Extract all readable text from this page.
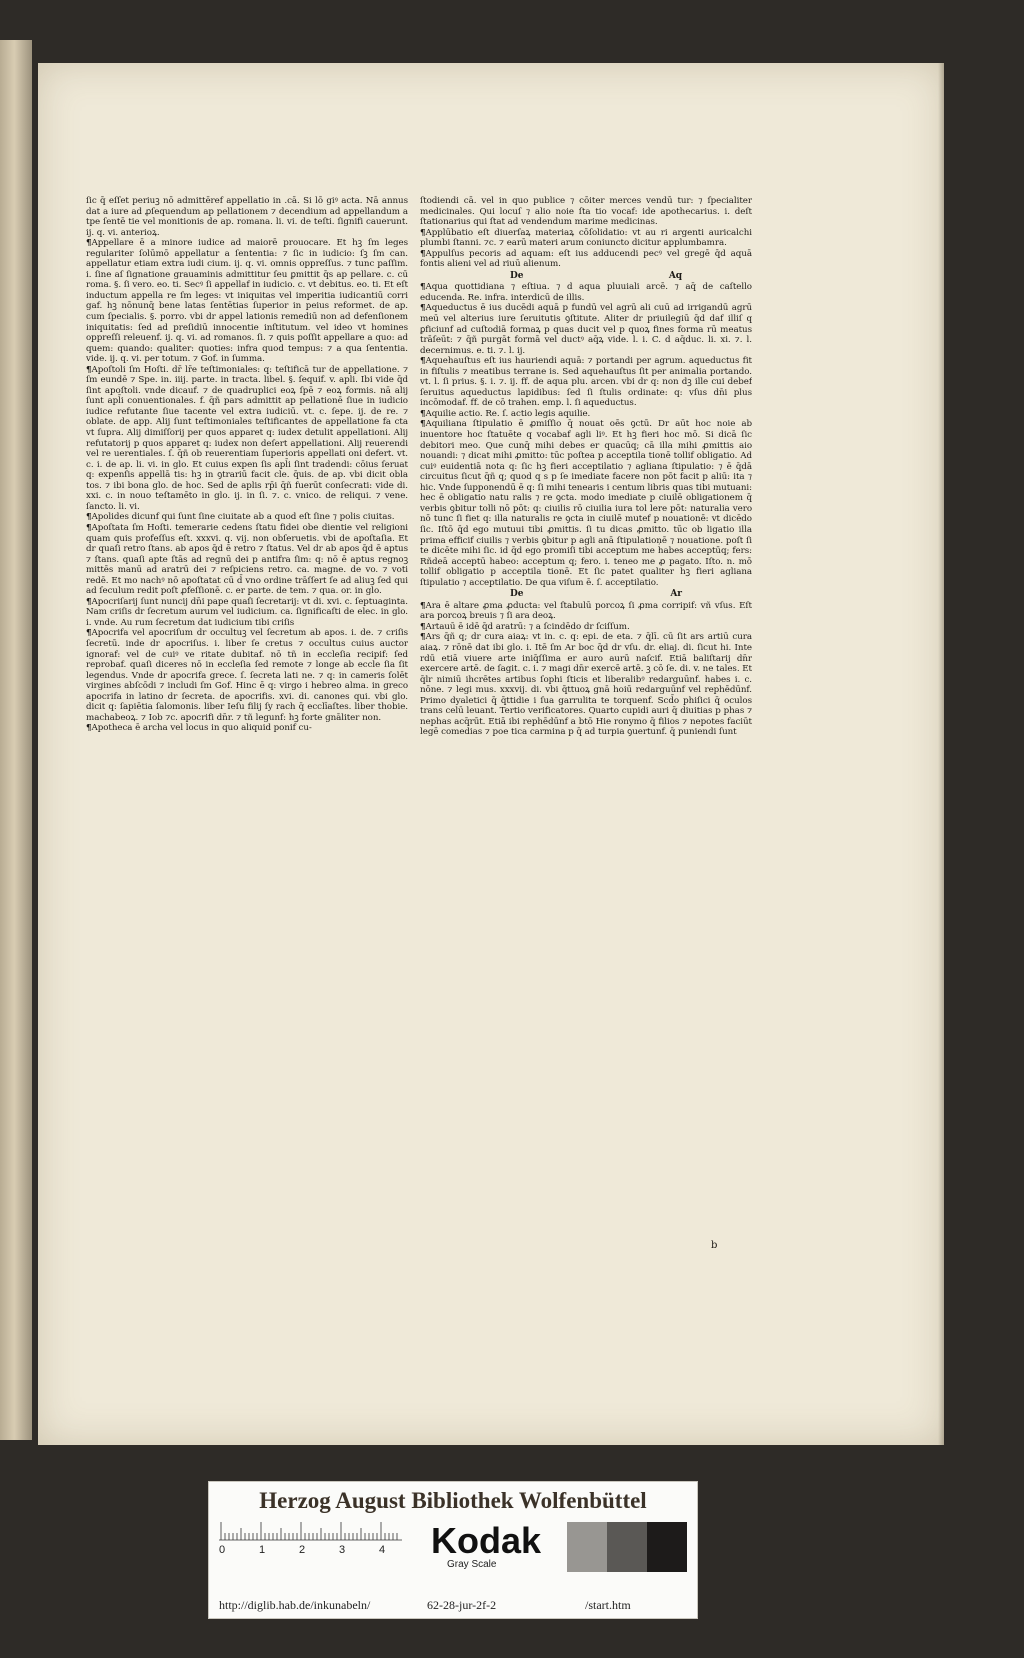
ſic q̄ eſſet periuꝫ nō admittēref appellatio in .cā. Si lō giꝰ acta. Nā annus dat a iure ad ꝓſequendum ap pellationem ⁊ decendium ad appellandum a tpe ſentē tie vel monitionis de ap. romana. li. vi. de teſti. ſignifi cauerunt. ij. q. vi. anterioꝝ.

¶Appellare ē a minore iudice ad maiorē prouocare. Et hꝫ ſm leges regulariter ſolūmō appellatur a ſententia: ⁊ ſic in iudicio: ſꝫ ſm can. appellatur etiam extra iudi cium. ij. q. vi. omnis oppreſſus. ⁊ tunc paſſim. i. ſine aſ ſignatione grauaminis admittitur ſeu ꝑmittit q̄s ap pellare. c. cū roma. §. ſi vero. eo. ti. Secꝰ ſi appellaf in iudicio. c. vt debitus. eo. ti. Et eſt inductum appella re ſm leges: vt iniquitas vel imperitia iudicantiū corri gaf. hꝫ nōnunq̄ bene latas ſentētias ſuperior in peius reformet. de ap. cum ſpecialis. §. porro. vbi dr appel lationis remediū non ad defenſionem iniquitatis: ſed ad preſidiū innocentie inſtitutum. vel ideo vt homines oppreſſi releuenf. ij. q. vi. ad romanos. ſi. ⁊ quis poſſit appellare a quo: ad quem: quando: qualiter: quoties: infra quod tempus: ⁊ a qua ſententia. vide. ij. q. vi. per totum. ⁊ Gof. in ſumma.

¶Apoſtoli ſm Hoſti. dr̄ lr̄e teſtimoniales: q: teſtificā tur de appellatione. ⁊ ſm eundē ⁊ Spe. in. iiij. parte. in tracta. libel. §. ſequif. v. apli. Ibi vide q̄d ſint apoſtoli. vnde dicauf. ⁊ de quadruplici eoꝝ ſpē ⁊ eoꝝ formis. nā alij ſunt apl̄i conuentionales. f. q̄ñ pars admittit ap pellationē ſiue in iudicio iudice refutante ſiue tacente vel extra iudiciū. vt. c. ſepe. ij. de re. ⁊ oblate. de app. Alij ſunt teſtimoniales teſtificantes de appellatione fa cta vt ſupra. Alij dimiſſorij per quos apparet q: iudex detulit appellationi. Alij refutatorij p quos apparet q: iudex non deſert appellationi. Alij reuerendi vel re uerentiales. ſ. q̄ñ ob reuerentiam ſuperioris appellati oni defert. vt. c. i. de ap. li. vi. in glo. Et cuius expen ſis apl̄i ſint tradendi: cōius ſeruat q: expenſis appellā tis: hꝫ in ꝯtrariū facit cle. q̄uis. de ap. vbi dicit obla tos. ⁊ ibi bona glo. de hoc. Sed de aplis rp̄i q̄ñ fuerūt conſecrati: vide di. xxi. c. in nouo teſtamēto in glo. ij. in ſi. ⁊. c. vnico. de reliqui. ⁊ vene. ſancto. li. vi.

¶Apolides dicunf qui ſunt ſine ciuitate ab a quod eſt ſine ⁊ polis ciuitas.

¶Apoſtata ſm Hoſti. temerarie cedens ſtatu fidei obe dientie vel religioni quam quis profeſſus eſt. xxxvi. q. vij. non obſeruetis. vbi de apoſtaſia. Et dr quaſi retro ſtans. ab apos q̄d ē retro ⁊ ſtatus. Vel dr ab apos q̄d ē aptus ⁊ ſtans. quaſi apte ſtās ad regnū dei p antifra ſim: q: nō ē aptus regnoꝫ mittēs manū ad aratrū dei ⁊ reſpiciens retro. ca. magne. de vo. ⁊ voti redē. Et mo nachꝰ nō apoſtatat cū d̄ vno ordine trāſſert ſe ad aliuꝫ ſed qui ad ſeculum redit poſt ꝓfeſſionē. c. er parte. de tem. ⁊ qua. or. in glo.

¶Apocriſarij ſunt nuncij dn̄i pape quaſi ſecretarij: vt di. xvi. c. ſeptuaginta. Nam criſis dr ſecretum aurum vel iudicium. ca. ſignificaſti de elec. in glo. i. vnde. Au rum ſecretum dat iudicium tibi criſis

¶Apocrifa vel apocriſum dr occultuꝫ vel ſecretum ab apos. i. de. ⁊ criſis ſecretū. inde dr apocriſus. i. liber ſe cretus ⁊ occultus cuius auctor ignoraf: vel de cuiꝰ ve ritate dubitaf. nō tñ in eccleſia recipif: ſed reprobaf. quaſi diceres nō in eccleſia ſed remote ⁊ longe ab eccle ſia ſit legendus. Vnde dr apocrifa grece. ſ. ſecreta lati ne. ⁊ q: in cameris ſolēt virgines abſcōdi ⁊ includi ſm Gof. Hinc ē q: virgo i hebreo alma. in greco apocrifa in latino dr ſecreta. de apocrifis. xvi. di. canones qui. vbi glo. dicit q: ſapiētia ſalomonis. liber Ieſu filij ſy rach q̄ ecclīaſtes. liber thobie. machabeoꝝ. ⁊ Iob ⁊c. apocrifi dn̄r. ⁊ tñ legunf: hꝫ forte gnāliter non.

¶Apotheca ē archa vel locus in quo aliquid ponif cu-

ſtodiendi cā. vel in quo publice ⁊ cōiter merces vendū tur: ⁊ ſpecialiter medicinales. Qui locuſ ⁊ alio noie ſta tio vocaf: ide apothecarius. i. deſt ſtationarius qui ſtat ad vendendum marime medicinas.

¶Applūbatio eſt diuerſaꝝ materiaꝝ cōſolidatio: vt au ri argenti auricalchi plumbi ſtanni. ⁊c. ⁊ earū materi arum coniuncto dicitur applumbamra.

¶Appulſus pecoris ad aquam: eſt ius adducendi pecꝰ vel gregē q̄d aquā fontis alieni vel ad riuū alienum.

De	Aq

¶Aqua quottidiana ⁊ eſtiua. ⁊ d aqua pluuiali arcē. ⁊ aq̄ de caſtello educenda. Re. infra. interdicū de illis.

¶Aqueductus ē ius ducēdi aquā p fundū vel agrū ali cuū ad irrigandū agrū meū vel alterius iure ſeruitutis ꝯſtitute. Aliter dr priuilegiū q̄d daf illiſ q ꝑficiunf ad cuſtodiā formaꝝ p quas ducit vel p quoꝝ fines forma rū meatus trāſeūt: ⁊ q̄ñ purgāt formā vel ductꝰ aq̄ꝝ vide. l. i. C. d aq̄duc. li. xi. ⁊. l. decernimus. e. ti. ⁊. l. ij.

¶Aquehauſtus eſt ius hauriendi aquā: ⁊ portandi per agrum. aqueductus fit in fiſtulis ⁊ meatibus terrane is. Sed aquehauſtus ſit per animalia portando. vt. l. ſi prius. §. i. ⁊. ij. ff. de aqua plu. arcen. vbi dr q: non dꝫ ille cui debef ſeruitus aqueductus lapidibus: ſed ſi ſtulis ordinate: q: vſus dn̄i plus incōmodaf. ff. de cō trahen. emp. l. ſi aqueductus.

¶Aquilie actio. Re. ſ. actio legis aquilie.

¶Aquiliana ſtipulatio ē ꝓmiſſio q̄ nouat oēs ꝯctū. Dr aūt hoc noie ab inuentore hoc ſtatuēte q vocabaf agli liꝰ. Et hꝫ fieri hoc mō. Si dicā ſic debitori meo. Que cunq̄ mihi debes er quacūq; cā illa mihi ꝓmittis aio nouandi: ⁊ dicat mihi ꝓmitto: tūc poſtea p acceptila tionē tollif obligatio. Ad cuiꝰ euidentiā nota q: ſic hꝫ fieri acceptilatio ⁊ agliana ſtipulatio: ⁊ ē q̄dā circuitus ſicut q̄ñ q; quod q s p ſe imediate facere non pōt facit p aliū: ita ⁊ hic. Vnde ſupponendū ē q: ſi mihi tenearis i centum libris quas tibi mutuani: hec ē obligatio natu ralis ⁊ re ꝯcta. modo imediate p ciuilē obligationem q̄ verbis ꝯbitur tolli nō pōt: q: ciuilis rō ciuilia iura tol lere pōt: naturalia vero nō tunc ſi fiet q: illa naturalis re ꝯcta in ciuilē mutef p nouationē: vt dicēdo ſic. Iſtō q̄d ego mutuui tibi ꝓmittis. ſi tu dicas ꝓmitto. tūc ob ligatio illa prima efficif ciuilis ⁊ verbis ꝯbitur p agli anā ſtipulatioņē ⁊ nouatione. poſt ſi te dicēte mihi ſic. id q̄d ego promiſi tibi acceptum me habes acceptūq; fers: Rñdeā acceptū habeo: acceptum q; fero. i. teneo me ꝓ pagato. Iſto. n. mō tollif obligatio p acceptila tionē. Et ſic patet qualiter hꝫ fieri agliana ſtipulatio ⁊ acceptilatio. De qua viſum ē. ſ. acceptilatio.

De	Ar

¶Ara ē altare ꝓma ꝓducta: vel ſtabulū porcoꝝ ſi ꝓma corripif: vñ vſus. Eſt ara porcoꝝ breuis ⁊ ſi ara deoꝝ.

¶Artauū ē idē q̄d aratrū: ⁊ a ſcindēdo dr ſciſſum.

¶Ars q̄ñ q; dr cura aiaꝝ: vt in. c. q: epi. de eta. ⁊ q̄lī. cū ſit ars artiū cura aiaꝝ. ⁊ rōnē dat ibi glo. i. Itē ſm Ar boc q̄d dr vſu. dr. eliaj. di. ſicut hi. Inte rdū etiā viuere arte iniq̄ſſima er auro aurū naſcif. Etiā baliſtarij dn̄r exercere artē. de ſagit. c. i. ⁊ magi dn̄r exercē artē. ꝫ cō ſe. di. v. ne tales. Et q̄lr nimiū ihcrētes artibus ſophi ſticis et liberalibꝰ redarguūnf. habes i. c. nōne. ⁊ legi mus. xxxvij. di. vbi q̄ttuoꝝ gnā hoiū redarguūnf vel rephēdūnf. Primo dyaletici q̄ q̄ttidie i ſua garrulita te torquenf. Scd̄o phiſici q̄ oculos trans celū leuant. Tertio verificatores. Quarto cupidi auri q̄ diuitias p phas ⁊ nephas acq̄rūt. Etiā ibi rephēdūnf a btō Hie ronymo q̄ filios ⁊ nepotes faciūt legē comedias ⁊ poe tica carmina p q̄ ad turpia ꝯuertunf. q̄ puniendi ſunt

b
Herzog August Bibliothek Wolfenbüttel
0	1	2	3	4 Kodak
Gray Scale
http://diglib.hab.de/inkunabeln/	62-28-jur-2f-2	/start.htm
